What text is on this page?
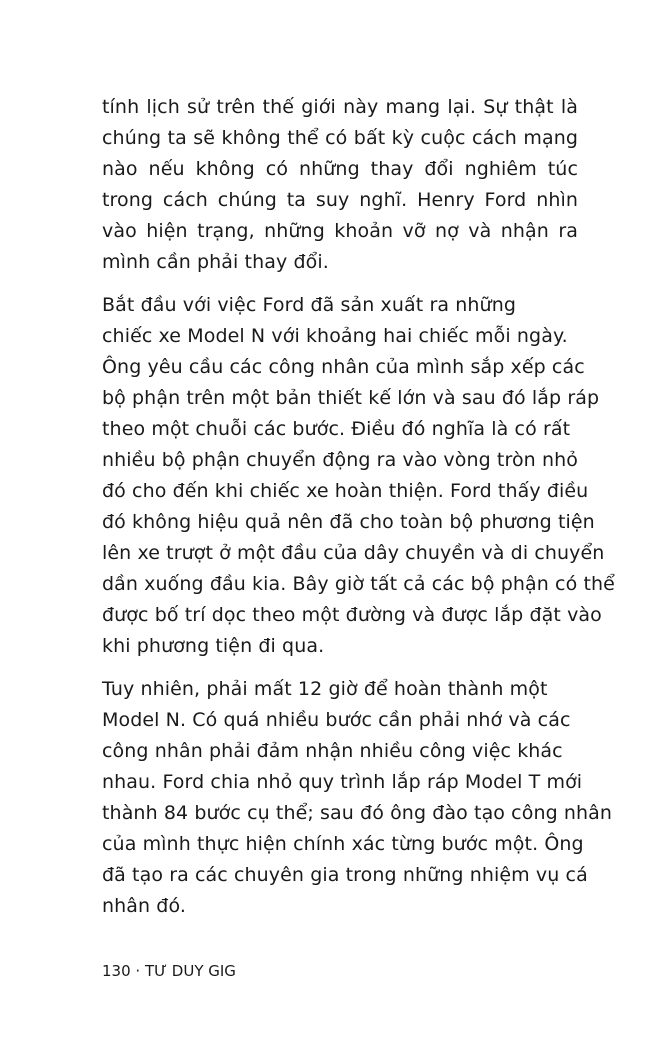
tính lịch sử trên thế giới này mang lại. Sự thật là
chúng ta sẽ không thể có bất kỳ cuộc cách mạng
nào nếu không có những thay đổi nghiêm túc
trong cách chúng ta suy nghĩ. Henry Ford nhìn
vào hiện trạng, những khoản vỡ nợ và nhận ra
mình cần phải thay đổi.

Bắt đầu với việc Ford đã sản xuất ra những
chiếc xe Model N với khoảng hai chiếc mỗi ngày.
Ông yêu cầu các công nhân của mình sắp xếp các
bộ phận trên một bản thiết kế lớn và sau đó lắp ráp
theo một chuỗi các bước. Điều đó nghĩa là có rất
nhiều bộ phận chuyển động ra vào vòng tròn nhỏ
đó cho đến khi chiếc xe hoàn thiện. Ford thấy điều
đó không hiệu quả nên đã cho toàn bộ phương tiện
lên xe trượt ở một đầu của dây chuyền và di chuyển
dần xuống đầu kia. Bây giờ tất cả các bộ phận có thể
được bố trí dọc theo một đường và được lắp đặt vào
khi phương tiện đi qua.

Tuy nhiên, phải mất 12 giờ để hoàn thành một
Model N. Có quá nhiều bước cần phải nhớ và các
công nhân phải đảm nhận nhiều công việc khác
nhau. Ford chia nhỏ quy trình lắp ráp Model T mới
thành 84 bước cụ thể; sau đó ông đào tạo công nhân
của mình thực hiện chính xác từng bước một. Ông
đã tạo ra các chuyên gia trong những nhiệm vụ cá
nhân đó.

130 · TƯ DUY GIG
